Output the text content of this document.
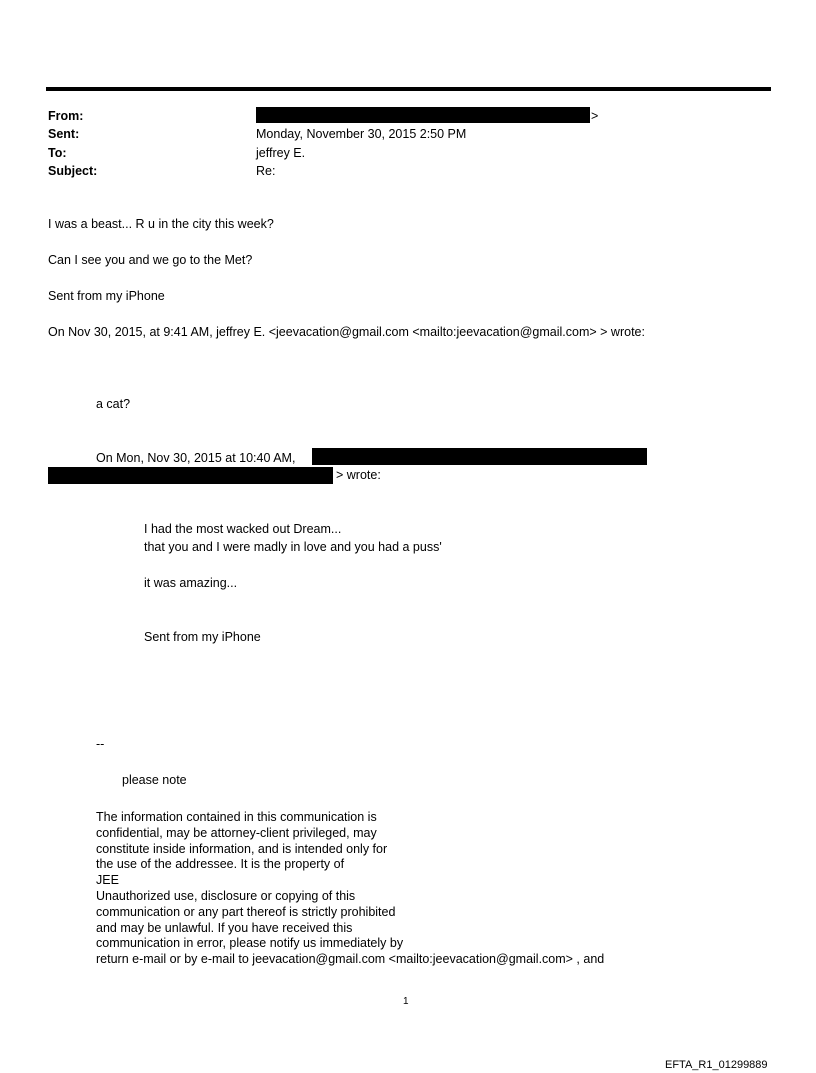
From:	>
Sent:	Monday, November 30, 2015 2:50 PM
To:	jeffrey E.
Subject:	Re:
I was a beast... R u in the city this week?
Can I see you and we go to the Met?
Sent from my iPhone
On Nov 30, 2015, at 9:41 AM, jeffrey E. <jeevacation@gmail.com <mailto:jeevacation@gmail.com> > wrote:
a cat?
On Mon, Nov 30, 2015 at 10:40 AM,
> wrote:
I had the most wacked out Dream...
that you and I were madly in love and you had a puss'
it was amazing...
Sent from my iPhone
--
please note
The information contained in this communication is
confidential, may be attorney-client privileged, may
constitute inside information, and is intended only for
the use of the addressee. It is the property of
JEE
Unauthorized use, disclosure or copying of this
communication or any part thereof is strictly prohibited
and may be unlawful. If you have received this
communication in error, please notify us immediately by
return e-mail or by e-mail to jeevacation@gmail.com <mailto:jeevacation@gmail.com> , and
1
EFTA_R1_01299889
